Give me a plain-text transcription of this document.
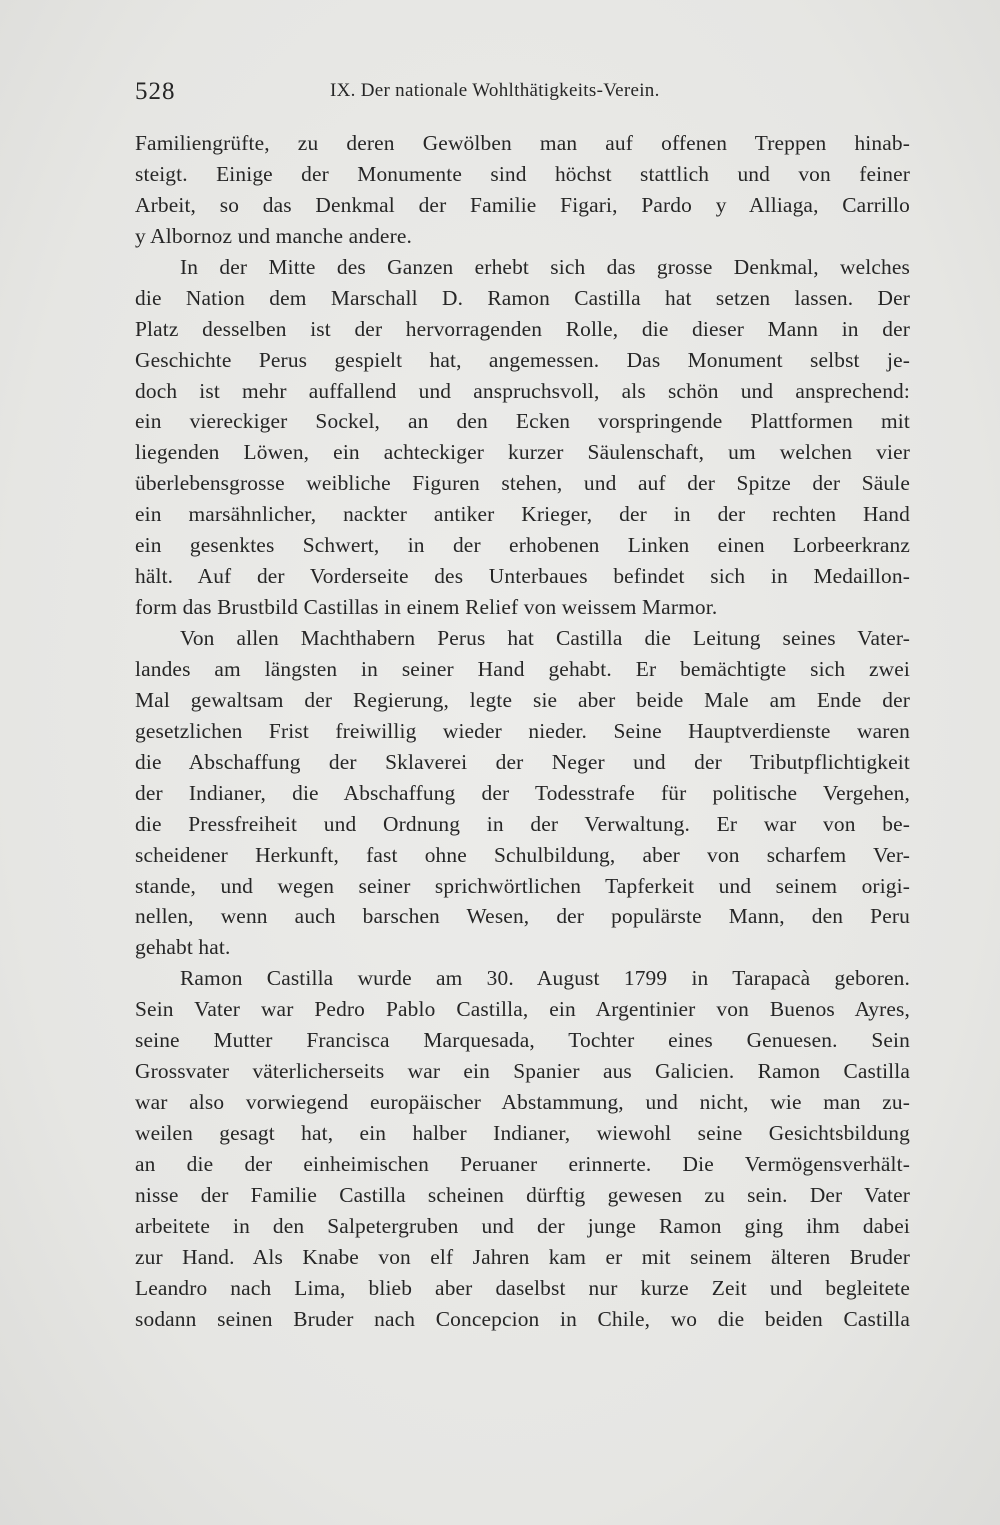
528	IX. Der nationale Wohlthätigkeits-Verein.
Familiengrüfte, zu deren Gewölben man auf offenen Treppen hinab-
steigt. Einige der Monumente sind höchst stattlich und von feiner
Arbeit, so das Denkmal der Familie Figari, Pardo y Alliaga, Carrillo
y Albornoz und manche andere.
In der Mitte des Ganzen erhebt sich das grosse Denkmal, welches
die Nation dem Marschall D. Ramon Castilla hat setzen lassen. Der
Platz desselben ist der hervorragenden Rolle, die dieser Mann in der
Geschichte Perus gespielt hat, angemessen. Das Monument selbst je-
doch ist mehr auffallend und anspruchsvoll, als schön und ansprechend:
ein viereckiger Sockel, an den Ecken vorspringende Plattformen mit
liegenden Löwen, ein achteckiger kurzer Säulenschaft, um welchen vier
überlebensgrosse weibliche Figuren stehen, und auf der Spitze der Säule
ein marsähnlicher, nackter antiker Krieger, der in der rechten Hand
ein gesenktes Schwert, in der erhobenen Linken einen Lorbeerkranz
hält. Auf der Vorderseite des Unterbaues befindet sich in Medaillon-
form das Brustbild Castillas in einem Relief von weissem Marmor.
Von allen Machthabern Perus hat Castilla die Leitung seines Vater-
landes am längsten in seiner Hand gehabt. Er bemächtigte sich zwei
Mal gewaltsam der Regierung, legte sie aber beide Male am Ende der
gesetzlichen Frist freiwillig wieder nieder. Seine Hauptverdienste waren
die Abschaffung der Sklaverei der Neger und der Tributpflichtigkeit
der Indianer, die Abschaffung der Todesstrafe für politische Vergehen,
die Pressfreiheit und Ordnung in der Verwaltung. Er war von be-
scheidener Herkunft, fast ohne Schulbildung, aber von scharfem Ver-
stande, und wegen seiner sprichwörtlichen Tapferkeit und seinem origi-
nellen, wenn auch barschen Wesen, der populärste Mann, den Peru
gehabt hat.
Ramon Castilla wurde am 30. August 1799 in Tarapacà geboren.
Sein Vater war Pedro Pablo Castilla, ein Argentinier von Buenos Ayres,
seine Mutter Francisca Marquesada, Tochter eines Genuesen. Sein
Grossvater väterlicherseits war ein Spanier aus Galicien. Ramon Castilla
war also vorwiegend europäischer Abstammung, und nicht, wie man zu-
weilen gesagt hat, ein halber Indianer, wiewohl seine Gesichtsbildung
an die der einheimischen Peruaner erinnerte. Die Vermögensverhält-
nisse der Familie Castilla scheinen dürftig gewesen zu sein. Der Vater
arbeitete in den Salpetergruben und der junge Ramon ging ihm dabei
zur Hand. Als Knabe von elf Jahren kam er mit seinem älteren Bruder
Leandro nach Lima, blieb aber daselbst nur kurze Zeit und begleitete
sodann seinen Bruder nach Concepcion in Chile, wo die beiden Castilla
